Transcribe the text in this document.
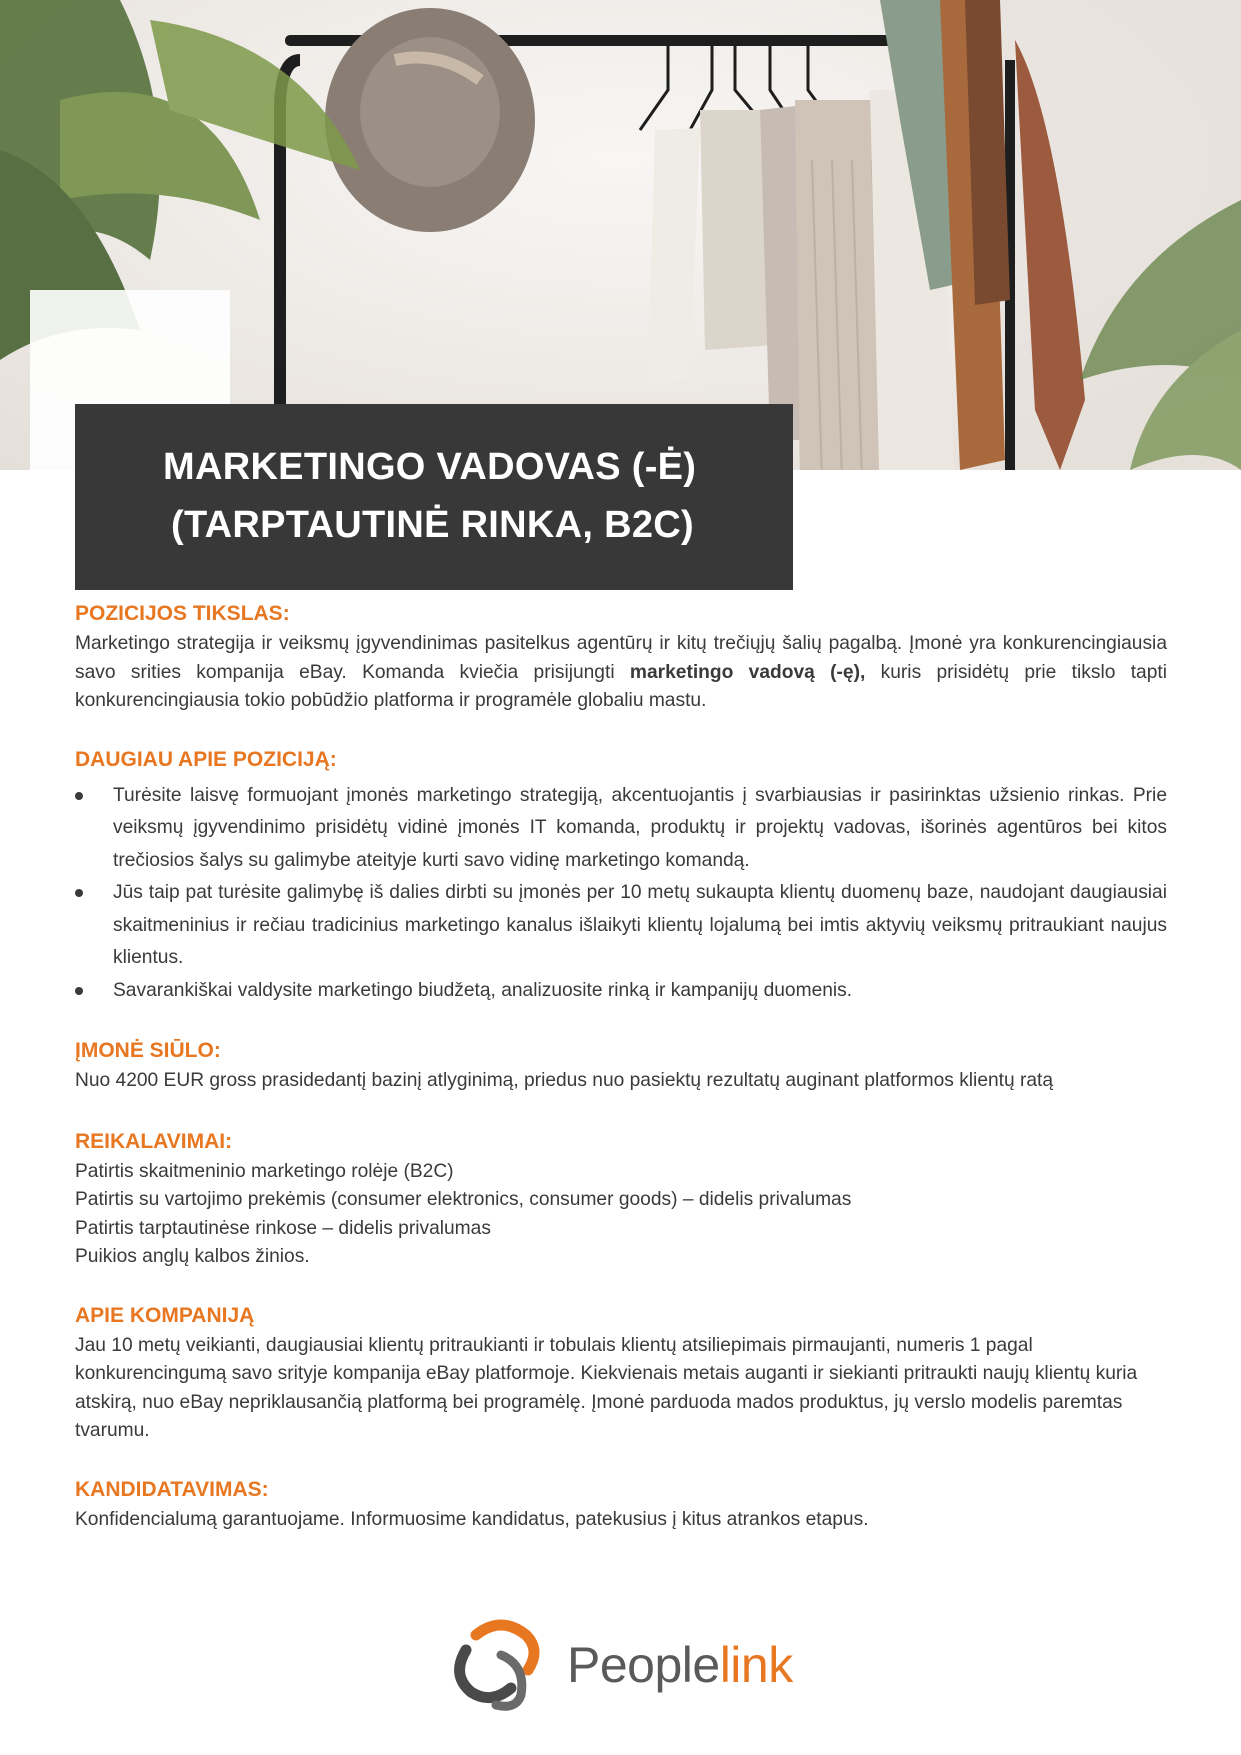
MARKETINGO VADOVAS (-Ė)
(TARPTAUTINĖ RINKA, B2C)
POZICIJOS TIKSLAS:

Marketingo strategija ir veiksmų įgyvendinimas pasitelkus agentūrų ir kitų trečiųjų šalių pagalbą. Įmonė yra konkurencingiausia savo srities kompanija eBay. Komanda kviečia prisijungti marketingo vadovą (-ę), kuris prisidėtų prie tikslo tapti konkurencingiausia tokio pobūdžio platforma ir programėle globaliu mastu.

DAUGIAU APIE POZICIJĄ:
Turėsite laisvę formuojant įmonės marketingo strategiją, akcentuojantis į svarbiausias ir pasirinktas užsienio rinkas. Prie veiksmų įgyvendinimo prisidėtų vidinė įmonės IT komanda, produktų ir projektų vadovas, išorinės agentūros bei kitos trečiosios šalys su galimybe ateityje kurti savo vidinę marketingo komandą.
Jūs taip pat turėsite galimybę iš dalies dirbti su įmonės per 10 metų sukaupta klientų duomenų baze, naudojant daugiausiai skaitmeninius ir rečiau tradicinius marketingo kanalus išlaikyti klientų lojalumą bei imtis aktyvių veiksmų pritraukiant naujus klientus.
Savarankiškai valdysite marketingo biudžetą, analizuosite rinką ir kampanijų duomenis.
ĮMONĖ SIŪLO:

Nuo 4200 EUR gross prasidedantį bazinį atlyginimą, priedus nuo pasiektų rezultatų auginant platformos klientų ratą

REIKALAVIMAI:
Patirtis skaitmeninio marketingo rolėje (B2C)
Patirtis su vartojimo prekėmis (consumer elektronics, consumer goods) – didelis privalumas
Patirtis tarptautinėse rinkose – didelis privalumas
Puikios anglų kalbos žinios.
APIE KOMPANIJĄ

Jau 10 metų veikianti, daugiausiai klientų pritraukianti ir tobulais klientų atsiliepimais pirmaujanti, numeris 1 pagal konkurencingumą savo srityje kompanija eBay platformoje. Kiekvienais metais auganti ir siekianti pritraukti naujų klientų kuria atskirą, nuo eBay nepriklausančią platformą bei programėlę. Įmonė parduoda mados produktus, jų verslo modelis paremtas tvarumu.

KANDIDATAVIMAS:

Konfidencialumą garantuojame. Informuosime kandidatus, patekusius į kitus atrankos etapus.

Peoplelink
